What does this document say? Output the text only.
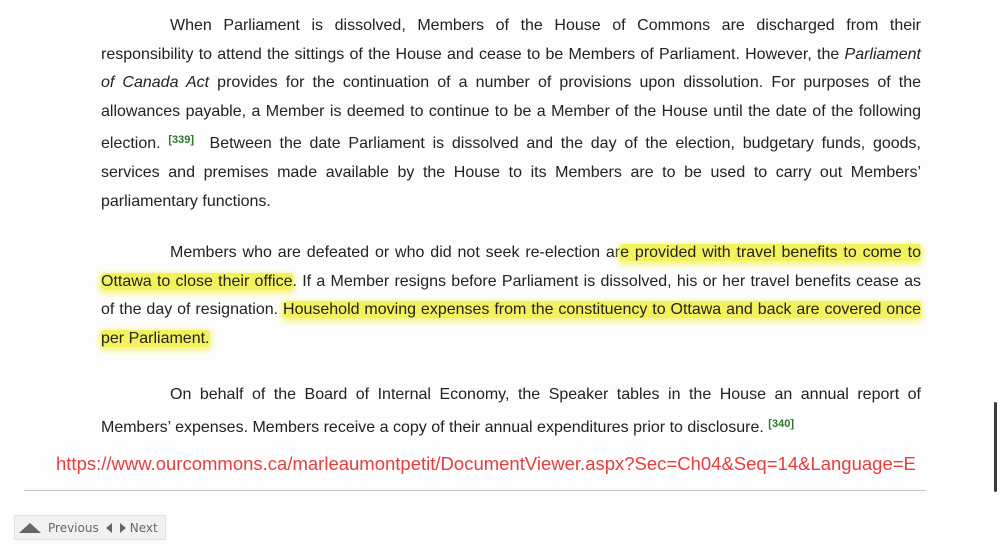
When Parliament is dissolved, Members of the House of Commons are discharged from their responsibility to attend the sittings of the House and cease to be Members of Parliament. However, the Parliament of Canada Act provides for the continuation of a number of provisions upon dissolution. For purposes of the allowances payable, a Member is deemed to continue to be a Member of the House until the date of the following election. [339] Between the date Parliament is dissolved and the day of the election, budgetary funds, goods, services and premises made available by the House to its Members are to be used to carry out Members’ parliamentary functions.

Members who are defeated or who did not seek re-election are provided with travel benefits to come to Ottawa to close their office. If a Member resigns before Parliament is dissolved, his or her travel benefits cease as of the day of resignation. Household moving expenses from the constituency to Ottawa and back are covered once per Parliament.

On behalf of the Board of Internal Economy, the Speaker tables in the House an annual report of Members’ expenses. Members receive a copy of their annual expenditures prior to disclosure. [340]

https://www.ourcommons.ca/marleaumontpetit/DocumentViewer.aspx?Sec=Ch04&Seq=14&Language=E
Previous	Next
